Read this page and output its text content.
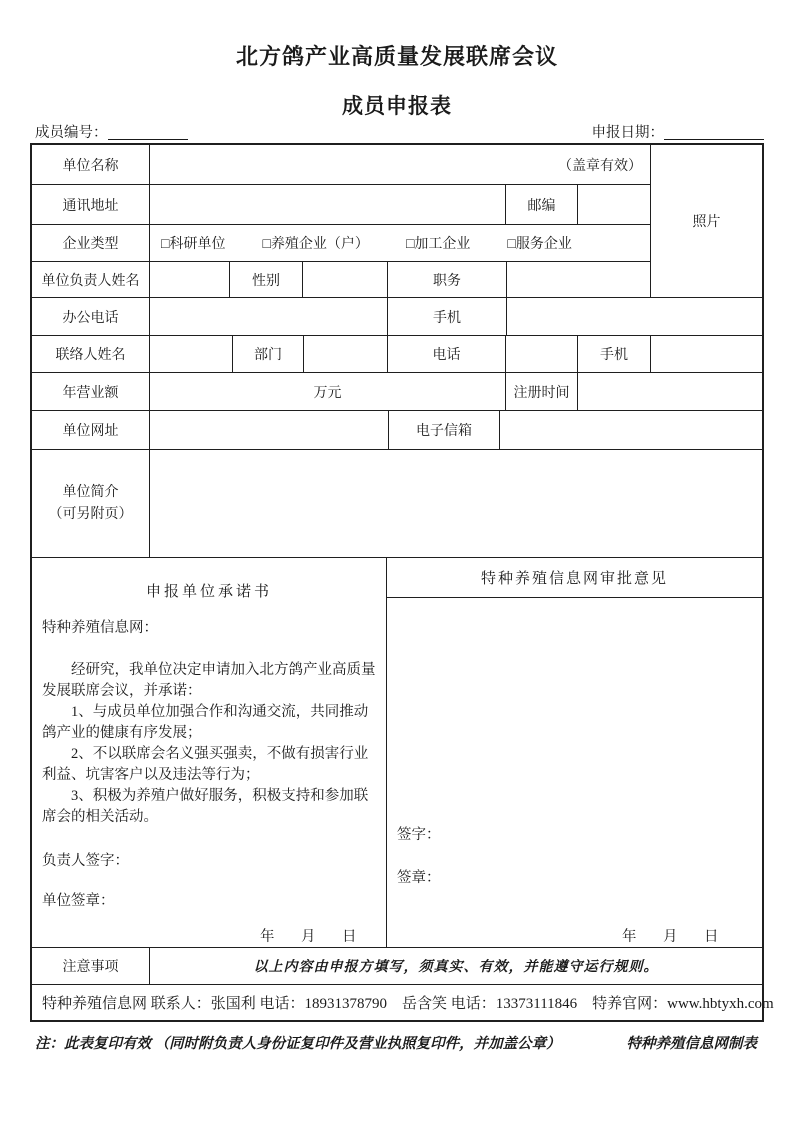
北方鸽产业高质量发展联席会议
成员申报表
成员编号：	申报日期：
单位名称	（盖章有效）
照片
通讯地址	邮编
企业类型	□科研单位	□养殖企业（户）	□加工企业	□服务企业
单位负责人姓名	性别	职务
办公电话	手机
联络人姓名	部门	电话	手机
年营业额	万元	注册时间
单位网址	电子信箱
单位简介
（可另附页）
申报单位承诺书

特种养殖信息网：

经研究，我单位决定申请加入北方鸽产业高质量发展联席会议，并承诺：

1、与成员单位加强合作和沟通交流，共同推动鸽产业的健康有序发展；

2、不以联席会名义强买强卖，不做有损害行业利益、坑害客户以及违法等行为；

3、积极为养殖户做好服务，积极支持和参加联席会的相关活动。

负责人签字：
单位签章：
年　月　日
特种养殖信息网审批意见
签字：
签章：
年　月　日
注意事项	以上内容由申报方填写，须真实、有效，并能遵守运行规则。
特种养殖信息网 联系人：张国利 电话：18931378790　岳含笑 电话：13373111846　特养官网：www.hbtyxh.com
注：此表复印有效 （同时附负责人身份证复印件及营业执照复印件，并加盖公章）	特种养殖信息网制表
